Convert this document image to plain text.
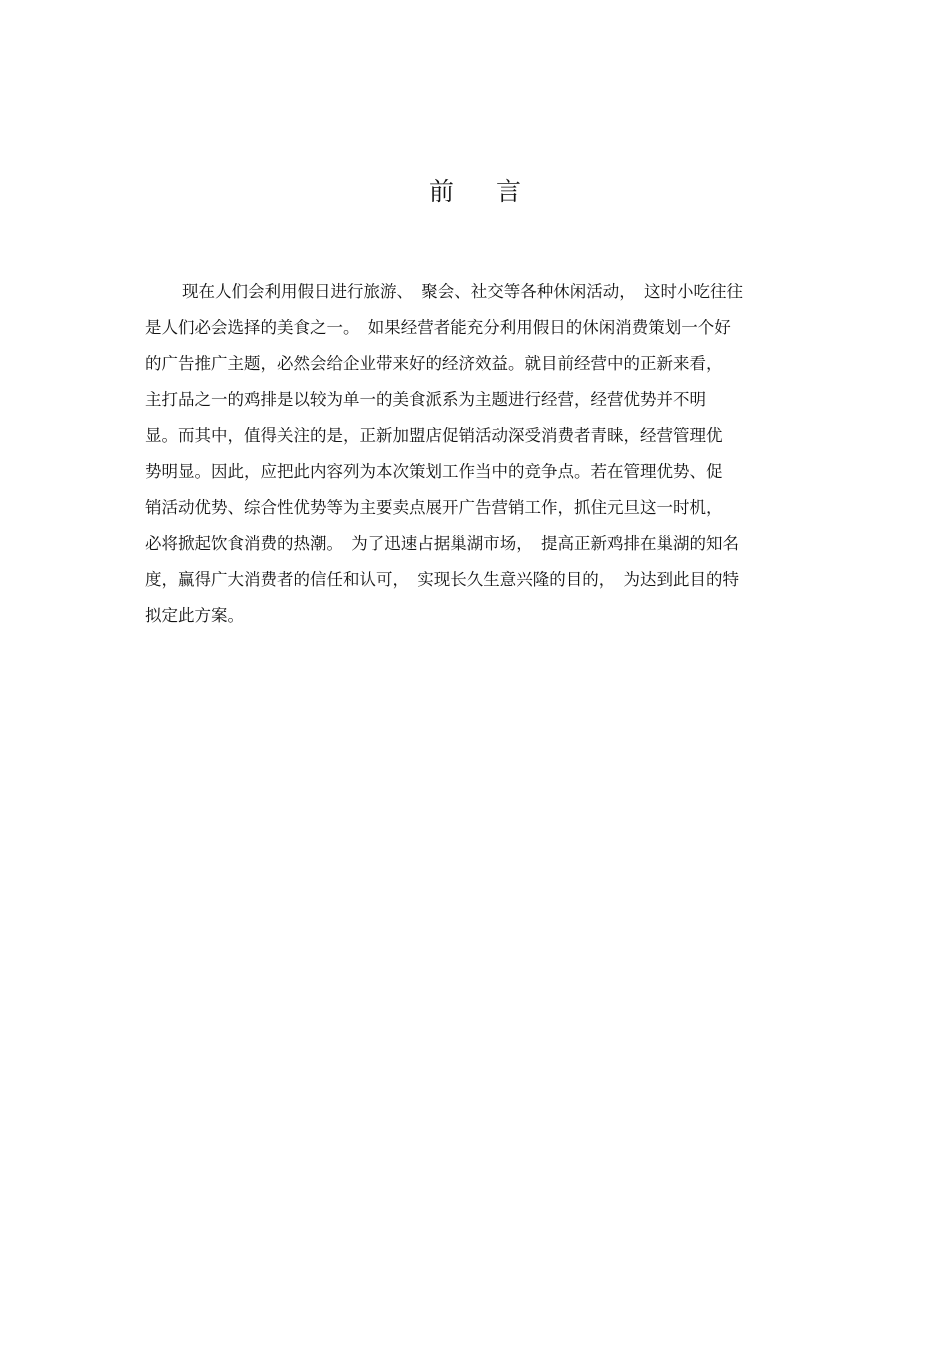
前 言
现在人们会利用假日进行旅游、　聚会、社交等各种休闲活动，　这时小吃往往
是人们必会选择的美食之一。　如果经营者能充分利用假日的休闲消费策划一个好
的广告推广主题，必然会给企业带来好的经济效益。就目前经营中的正新来看，
主打品之一的鸡排是以较为单一的美食派系为主题进行经营，经营优势并不明
显。而其中，值得关注的是，正新加盟店促销活动深受消费者青睐，经营管理优
势明显。因此，应把此内容列为本次策划工作当中的竞争点。若在管理优势、促
销活动优势、综合性优势等为主要卖点展开广告营销工作，抓住元旦这一时机，
必将掀起饮食消费的热潮。　为了迅速占据巢湖市场，　提高正新鸡排在巢湖的知名
度，赢得广大消费者的信任和认可，　实现长久生意兴隆的目的，　为达到此目的特
拟定此方案。
